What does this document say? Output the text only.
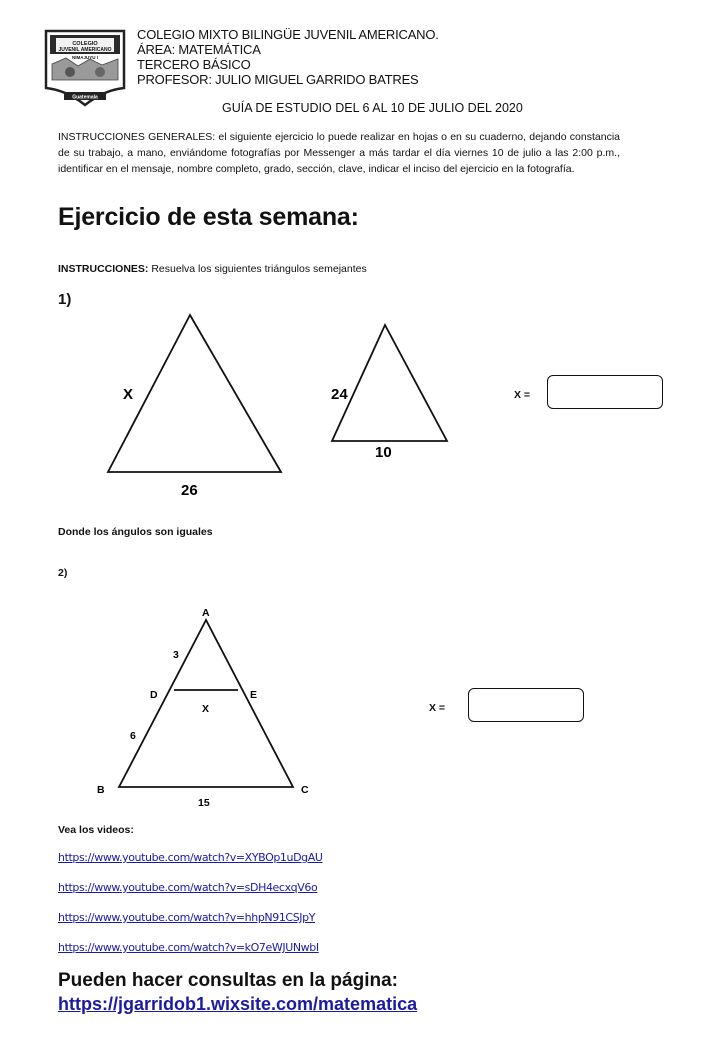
COLEGIO
JUVENIL AMERICANO
NIMAJUYU I
Guatemala
COLEGIO MIXTO BILINGÜE JUVENIL AMERICANO.
ÁREA: MATEMÁTICA
TERCERO BÁSICO
PROFESOR: JULIO MIGUEL GARRIDO BATRES
GUÍA DE ESTUDIO DEL 6 AL 10 DE JULIO DEL 2020
INSTRUCCIONES GENERALES: el siguiente ejercicio lo puede realizar en hojas o en su cuaderno, dejando constancia de su trabajo, a mano, enviándome fotografías por Messenger a más tardar el día viernes 10 de julio a las 2:00 p.m., identificar en el mensaje, nombre completo, grado, sección, clave, indicar el inciso del ejercicio en la fotografía.
Ejercicio de esta semana:
INSTRUCCIONES: Resuelva los siguientes triángulos semejantes
1)
X
26
24
10
X =
Donde los ángulos son iguales
2)
A
3
D	E
X
6
B	C
15
X =
Vea los videos:
https://www.youtube.com/watch?v=XYBOp1uDgAU
https://www.youtube.com/watch?v=sDH4ecxqV6o
https://www.youtube.com/watch?v=hhpN91CSJpY
https://www.youtube.com/watch?v=kO7eWJUNwbI
Pueden hacer consultas en la página:
https://jgarridob1.wixsite.com/matematica
